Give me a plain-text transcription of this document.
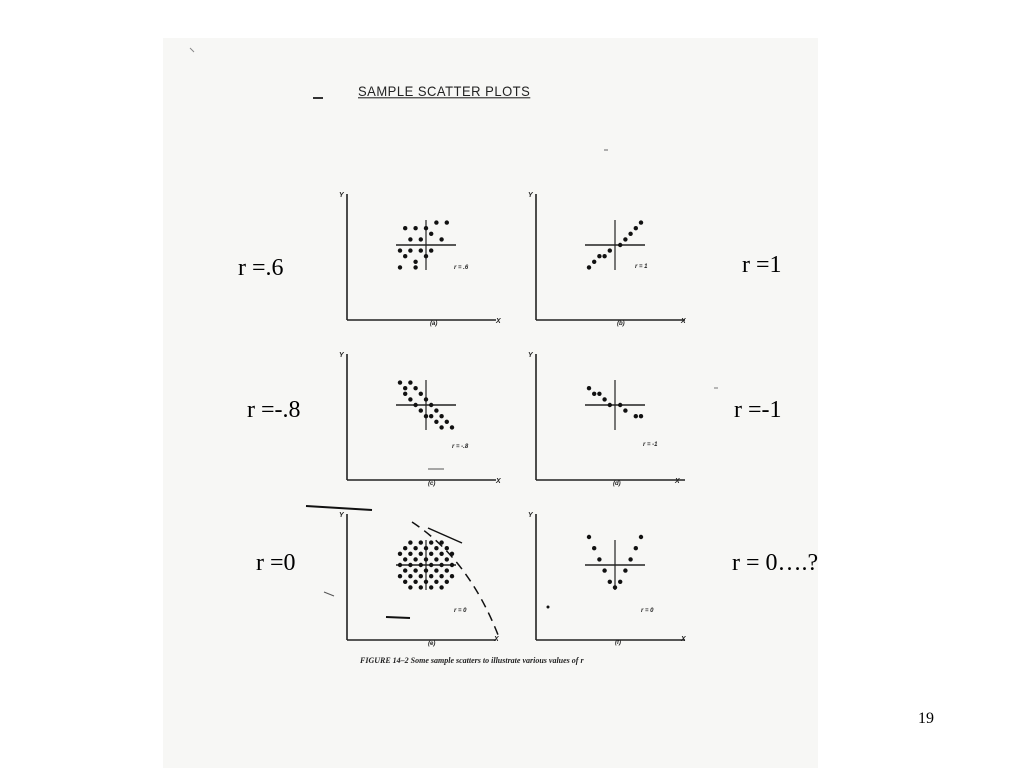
SAMPLE SCATTER PLOTS
Y
X
(a)
r = .6
Y
X
(b)
r = 1
Y
X
(c)
r = -.8
Y
X
(d)
r = -1
Y
X
(e)
r = 0
Y
X
(f)
r = 0
r =.6	r =1
r =-.8	r =-1
r =0	r = 0….?
FIGURE 14–2 Some sample scatters to illustrate various values of r
19
